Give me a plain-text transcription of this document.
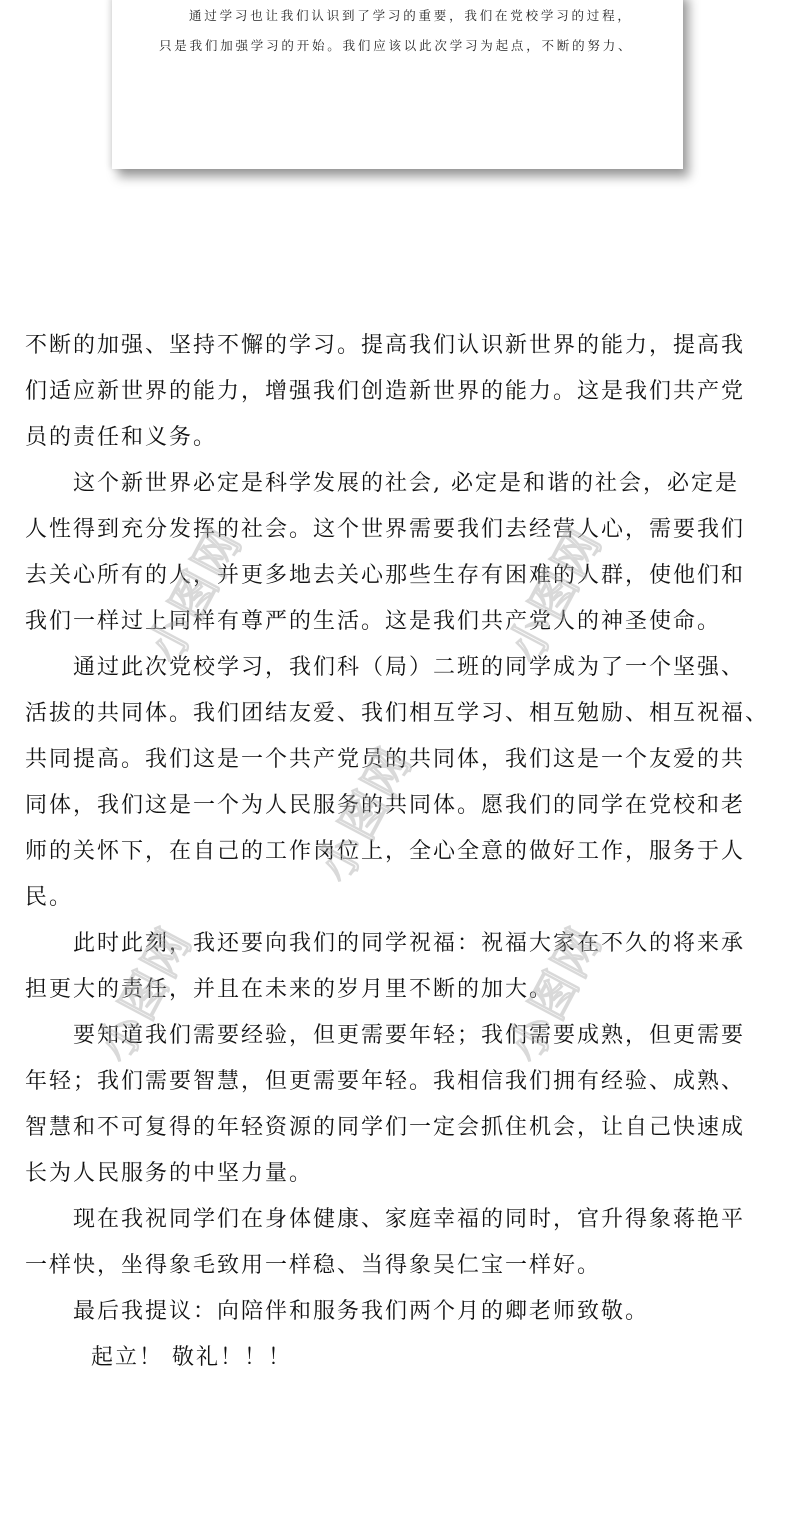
通过学习也让我们认识到了学习的重要，我们在党校学习的过程，
只是我们加强学习的开始。我们应该以此次学习为起点，不断的努力、
不断的加强、坚持不懈的学习。提高我们认识新世界的能力，提高我
们适应新世界的能力，增强我们创造新世界的能力。这是我们共产党
员的责任和义务。
这个新世界必定是科学发展的社会, 必定是和谐的社会，必定是
人性得到充分发挥的社会。这个世界需要我们去经营人心，需要我们
去关心所有的人，并更多地去关心那些生存有困难的人群，使他们和
我们一样过上同样有尊严的生活。这是我们共产党人的神圣使命。
通过此次党校学习，我们科（局）二班的同学成为了一个坚强、
活拔的共同体。我们团结友爱、我们相互学习、相互勉励、相互祝福、
共同提高。我们这是一个共产党员的共同体，我们这是一个友爱的共
同体，我们这是一个为人民服务的共同体。愿我们的同学在党校和老
师的关怀下，在自己的工作岗位上，全心全意的做好工作，服务于人
民。
此时此刻，我还要向我们的同学祝福：祝福大家在不久的将来承
担更大的责任，并且在未来的岁月里不断的加大。
要知道我们需要经验，但更需要年轻；我们需要成熟，但更需要
年轻；我们需要智慧，但更需要年轻。我相信我们拥有经验、成熟、
智慧和不可复得的年轻资源的同学们一定会抓住机会，让自己快速成
长为人民服务的中坚力量。
现在我祝同学们在身体健康、家庭幸福的同时，官升得象蒋艳平
一样快，坐得象毛致用一样稳、当得象吴仁宝一样好。
最后我提议：向陪伴和服务我们两个月的卿老师致敬。
起立！ 敬礼！！！
小图网	小图网
小图网
小图网	小图网
